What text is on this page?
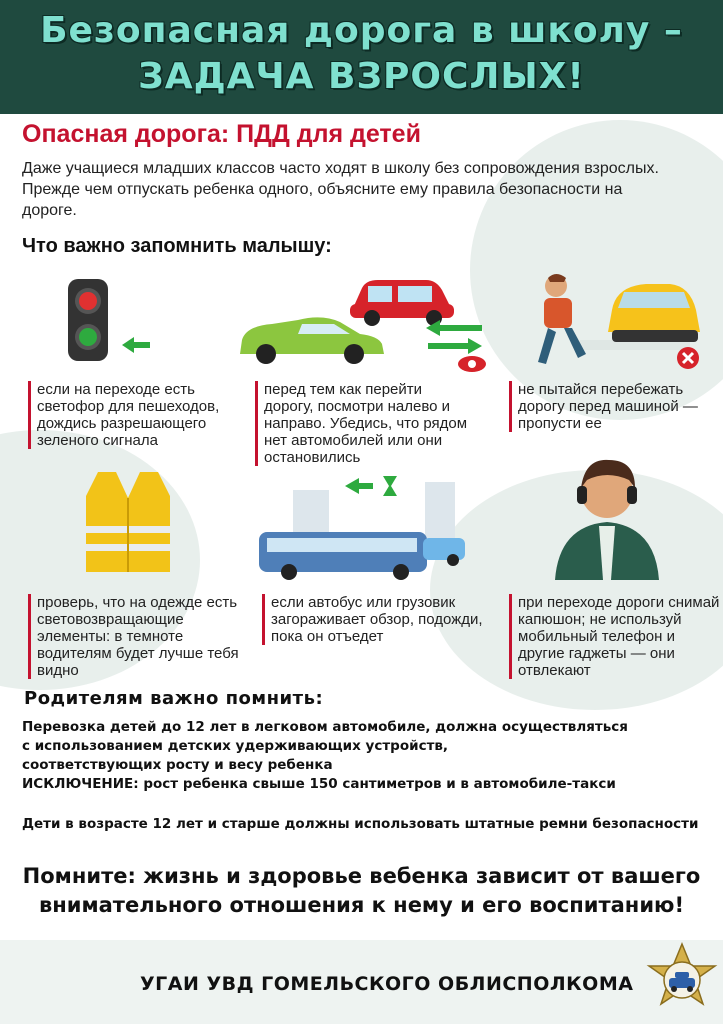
Безопасная дорога в школу –
ЗАДАЧА ВЗРОСЛЫХ!
Опасная дорога: ПДД для детей
Даже учащиеся младших классов часто ходят в школу без сопровождения взрослых. Прежде чем отпускать ребенка одного, объясните ему правила безопасности на дороге.
Что важно запомнить малышу:
если на переходе есть светофор для пешеходов, дождись разрешающего зеленого сигнала
перед тем как перейти дорогу, посмотри налево и направо. Убедись, что рядом нет автомобилей или они остановились
не пытайся перебежать дорогу перед машиной — пропусти ее
проверь, что на одежде есть световозвращающие элементы: в темноте водителям будет лучше тебя видно
если автобус или грузовик загораживает обзор, подожди, пока он отъедет
при переходе дороги снимай капюшон; не используй мобильный телефон и другие гаджеты — они отвлекают
Родителям важно помнить:
Перевозка детей до 12 лет в легковом автомобиле, должна осуществляться
с использованием детских удерживающих устройств,
соответствующих росту и весу ребенка
ИСКЛЮЧЕНИЕ: рост ребенка свыше 150 сантиметров и в автомобиле-такси
Дети в возрасте 12 лет и старше должны использовать штатные ремни безопасности
Помните: жизнь и здоровье вебенка зависит от вашего
внимательного отношения к нему и его воспитанию!
УГАИ УВД ГОМЕЛЬСКОГО ОБЛИСПОЛКОМА
